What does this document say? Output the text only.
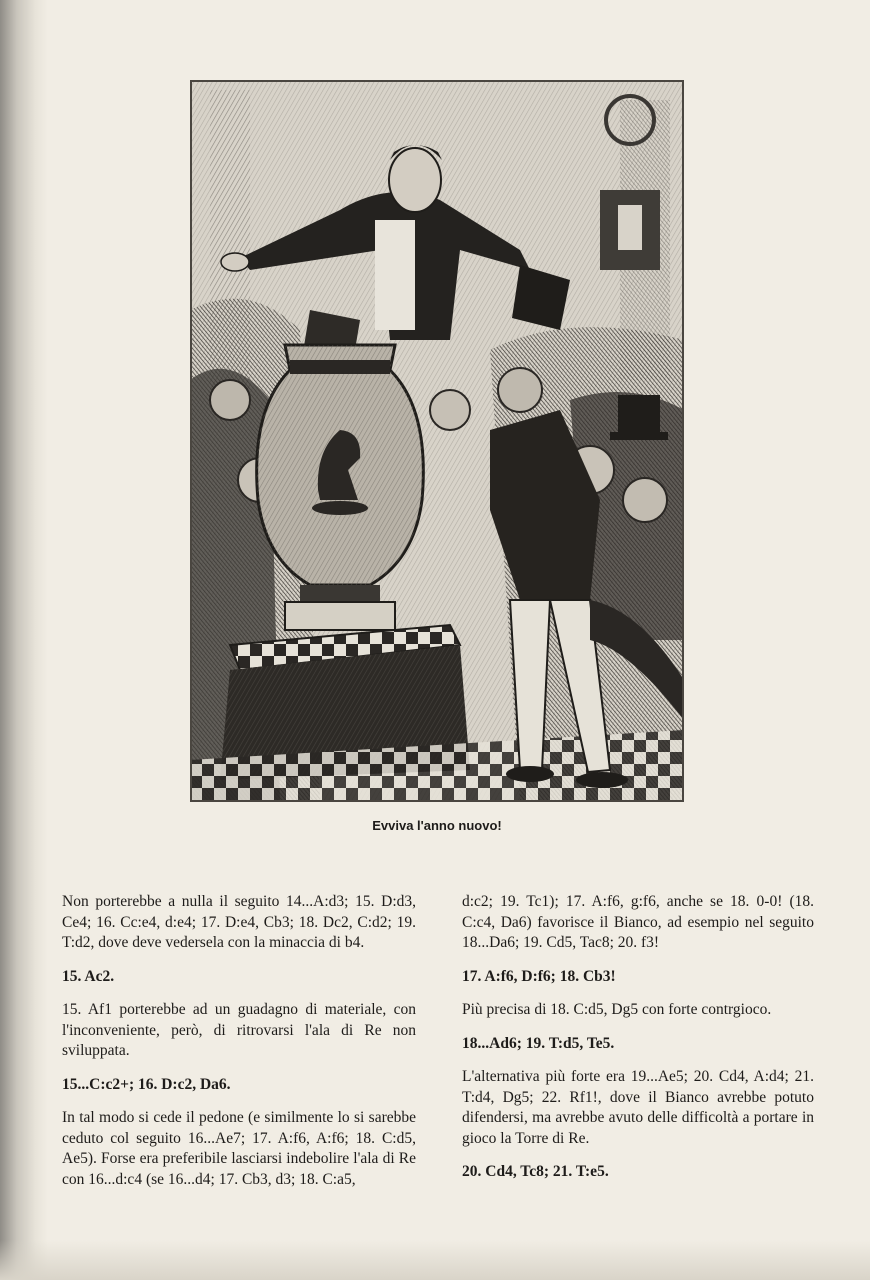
Evviva l'anno nuovo!

Non porterebbe a nulla il seguito 14...A:d3; 15. D:d3, Ce4; 16. Cc:e4, d:e4; 17. D:e4, Cb3; 18. Dc2, C:d2; 19. T:d2, dove deve vedersela con la minaccia di b4.

15. Ac2.

15. Af1 porterebbe ad un guadagno di materiale, con l'inconveniente, però, di ritrovarsi l'ala di Re non sviluppata.

15...C:c2+; 16. D:c2, Da6.

In tal modo si cede il pedone (e similmente lo si sarebbe ceduto col seguito 16...Ae7; 17. A:f6, A:f6; 18. C:d5, Ae5). Forse era preferibile lasciarsi indebolire l'ala di Re con 16...d:c4 (se 16...d4; 17. Cb3, d3; 18. C:a5,

d:c2; 19. Tc1); 17. A:f6, g:f6, anche se 18. 0-0! (18. C:c4, Da6) favorisce il Bianco, ad esempio nel seguito 18...Da6; 19. Cd5, Tac8; 20. f3!

17. A:f6, D:f6; 18. Cb3!

Più precisa di 18. C:d5, Dg5 con forte contrgioco.

18...Ad6; 19. T:d5, Te5.

L'alternativa più forte era 19...Ae5; 20. Cd4, A:d4; 21. T:d4, Dg5; 22. Rf1!, dove il Bianco avrebbe potuto difendersi, ma avrebbe avuto delle difficoltà a portare in gioco la Torre di Re.

20. Cd4, Tc8; 21. T:e5.
